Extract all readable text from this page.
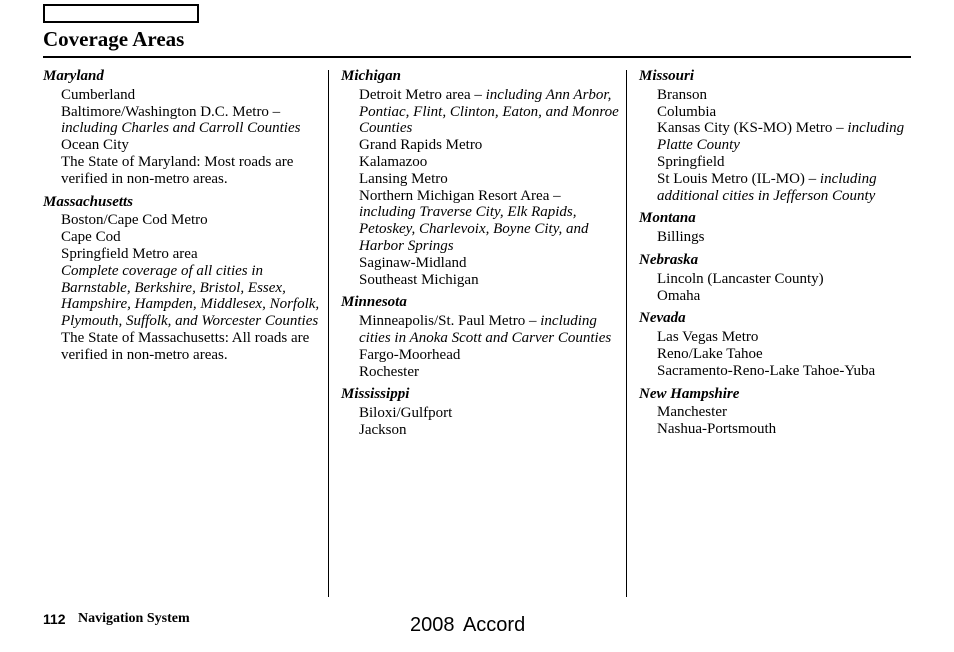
Coverage Areas
Maryland
Cumberland
Baltimore/Washington D.C. Metro – including Charles and Carroll Counties
Ocean City
The State of Maryland: Most roads are verified in non-metro areas.
Massachusetts
Boston/Cape Cod Metro
Cape Cod
Springfield Metro area
Complete coverage of all cities in Barnstable, Berkshire, Bristol, Essex, Hampshire, Hampden, Middlesex, Norfolk, Plymouth, Suffolk, and Worcester Counties
The State of Massachusetts: All roads are verified in non-metro areas.
Michigan
Detroit Metro area – including Ann Arbor, Pontiac, Flint, Clinton, Eaton, and Monroe Counties
Grand Rapids Metro
Kalamazoo
Lansing Metro
Northern Michigan Resort Area – including Traverse City, Elk Rapids, Petoskey, Charlevoix, Boyne City, and Harbor Springs
Saginaw-Midland
Southeast Michigan
Minnesota
Minneapolis/St. Paul Metro – including cities in Anoka Scott and Carver Counties
Fargo-Moorhead
Rochester
Mississippi
Biloxi/Gulfport
Jackson
Missouri
Branson
Columbia
Kansas City (KS-MO) Metro – including Platte County
Springfield
St Louis Metro (IL-MO) – including additional cities in Jefferson County
Montana
Billings
Nebraska
Lincoln (Lancaster County)
Omaha
Nevada
Las Vegas Metro
Reno/Lake Tahoe
Sacramento-Reno-Lake Tahoe-Yuba
New Hampshire
Manchester
Nashua-Portsmouth
112 Navigation System	2008 Accord
